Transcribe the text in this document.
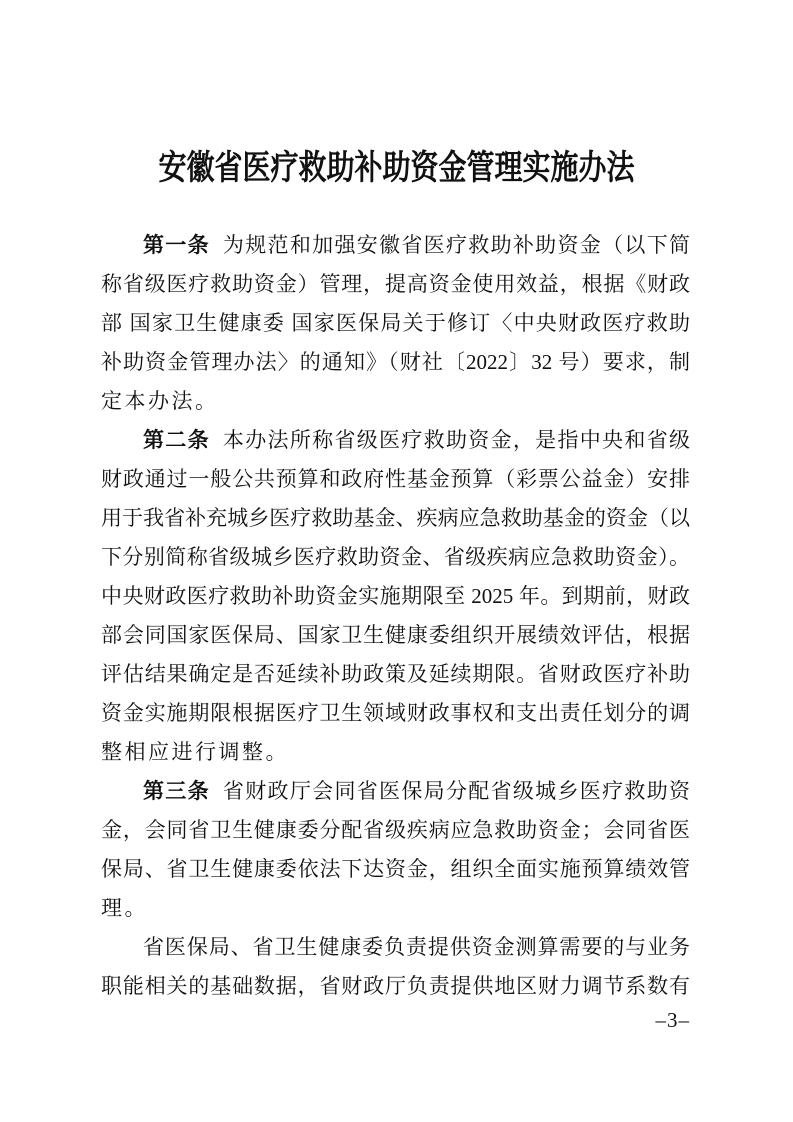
安徽省医疗救助补助资金管理实施办法
第一条 为规范和加强安徽省医疗救助补助资金（以下简
称省级医疗救助资金）管理，提高资金使用效益，根据《财政
部 国家卫生健康委 国家医保局关于修订〈中央财政医疗救助
补助资金管理办法〉的通知》（财社〔2022〕32 号）要求，制
定本办法。
第二条 本办法所称省级医疗救助资金，是指中央和省级
财政通过一般公共预算和政府性基金预算（彩票公益金）安排
用于我省补充城乡医疗救助基金、疾病应急救助基金的资金（以
下分别简称省级城乡医疗救助资金、省级疾病应急救助资金）。
中央财政医疗救助补助资金实施期限至 2025 年。到期前，财政
部会同国家医保局、国家卫生健康委组织开展绩效评估，根据
评估结果确定是否延续补助政策及延续期限。省财政医疗补助
资金实施期限根据医疗卫生领域财政事权和支出责任划分的调
整相应进行调整。
第三条 省财政厅会同省医保局分配省级城乡医疗救助资
金，会同省卫生健康委分配省级疾病应急救助资金；会同省医
保局、省卫生健康委依法下达资金，组织全面实施预算绩效管
理。
省医保局、省卫生健康委负责提供资金测算需要的与业务
职能相关的基础数据，省财政厅负责提供地区财力调节系数有
–3–
